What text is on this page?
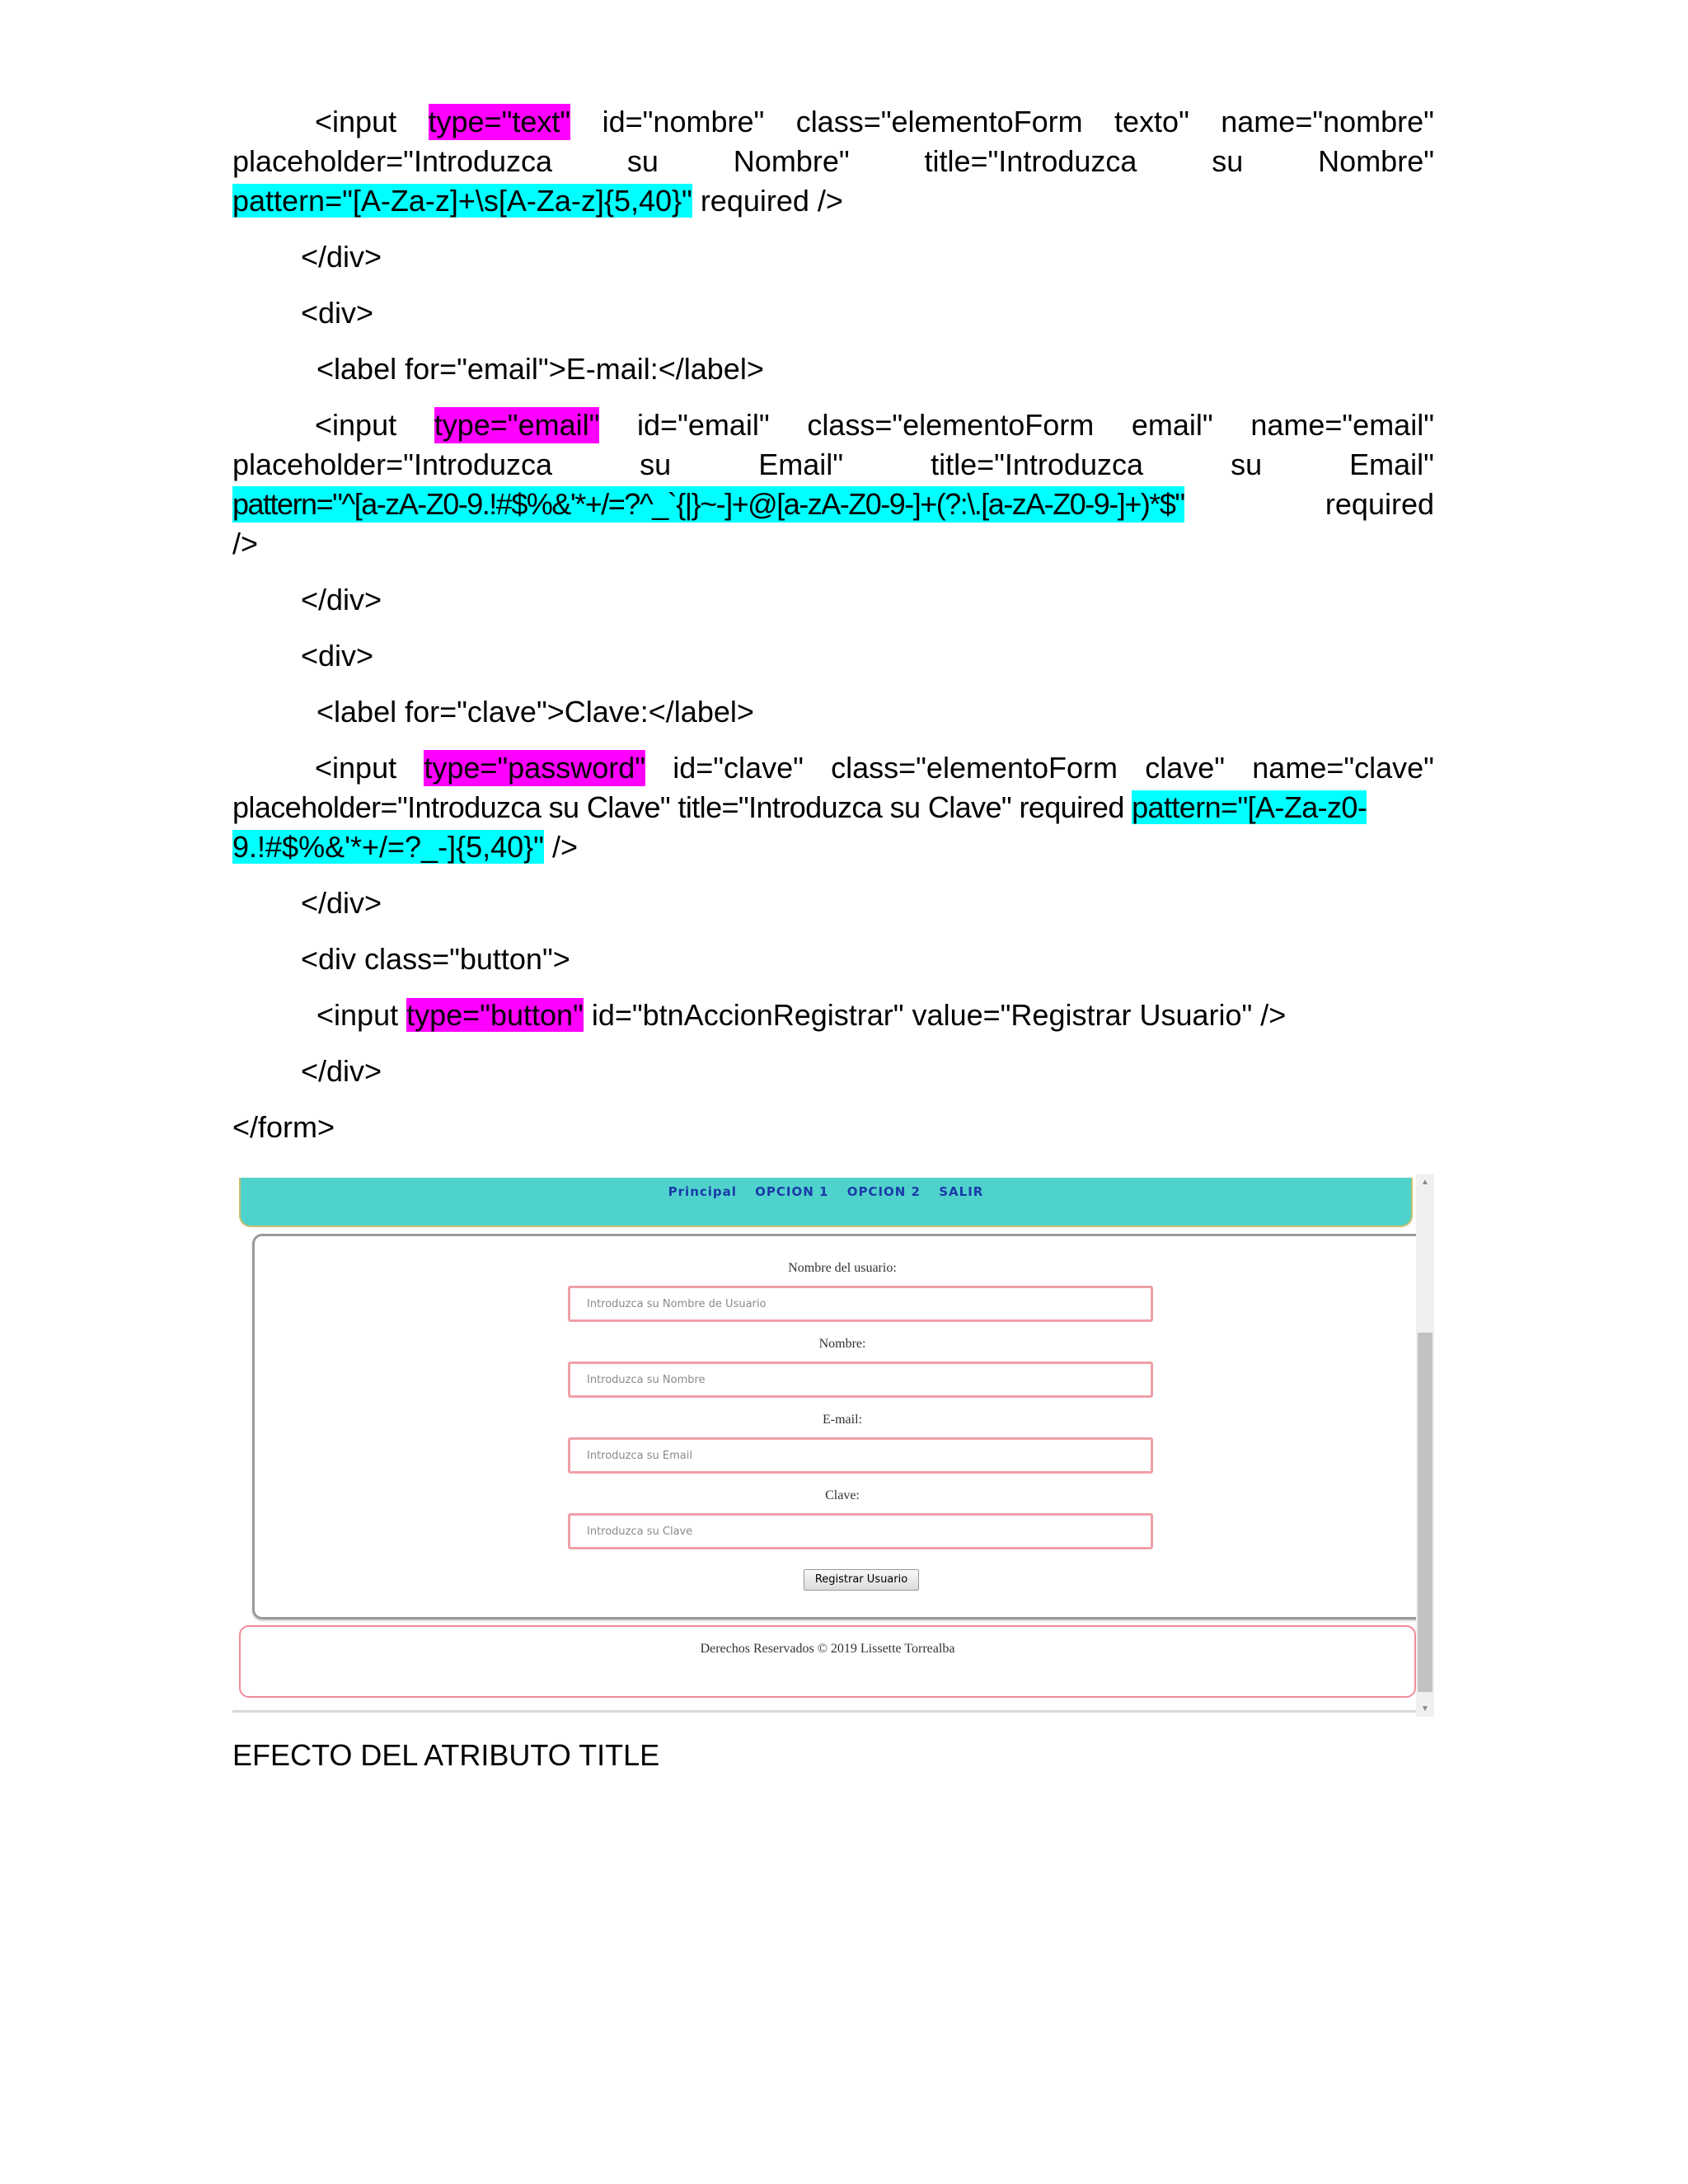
<input type="text" id="nombre" class="elementoForm texto" name="nombre"
placeholder="Introduzca	su	Nombre"	title="Introduzca	su	Nombre"
pattern="[A-Za-z]+\s[A-Za-z]{5,40}" required />
</div>
<div>
<label for="email">E-mail:</label>
<input type="email" id="email" class="elementoForm email" name="email"
placeholder="Introduzca	su	Email"	title="Introduzca	su	Email"
pattern="^[a-zA-Z0-9.!#$%&'*+/=?^_`{|}~-]+@[a-zA-Z0-9-]+(?:\.[a-zA-Z0-9-]+)*$"	required
/>
</div>
<div>
<label for="clave">Clave:</label>
<input type="password" id="clave" class="elementoForm clave" name="clave"
placeholder="Introduzca su Clave" title="Introduzca su Clave" required pattern="[A-Za-z0-
9.!#$%&'*+/=?_-]{5,40}" />
</div>
<div class="button">
<input type="button" id="btnAccionRegistrar" value="Registrar Usuario" />
</div>
</form>
Principal OPCION 1 OPCION 2 SALIR
Nombre del usuario:
Introduzca su Nombre de Usuario
Nombre:
Introduzca su Nombre
E-mail:
Introduzca su Email
Clave:
Introduzca su Clave
Registrar Usuario
Derechos Reservados © 2019 Lissette Torrealba
▲
▼
EFECTO DEL ATRIBUTO TITLE
